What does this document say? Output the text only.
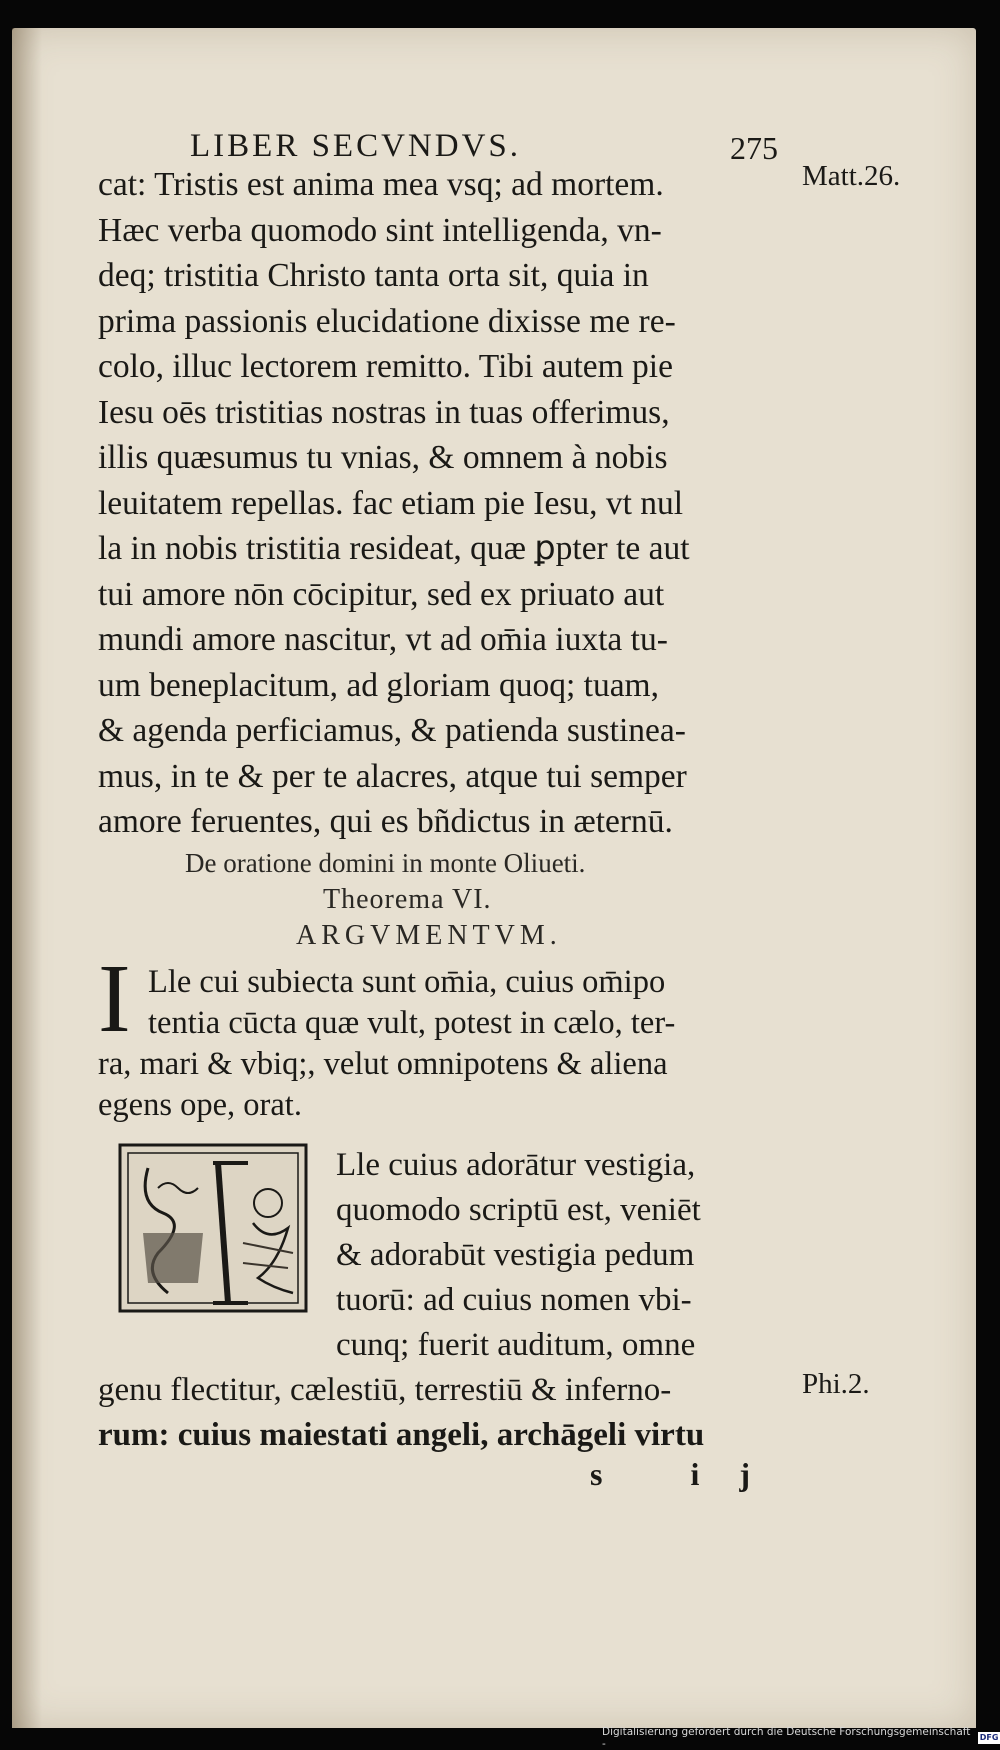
LIBER SECVNDVS.	275
Matt.26.
Phi.2.
cat: Tristis est anima mea vsq; ad mortem.
Hæc verba quomodo sint intelligenda, vn-
deq; tristitia Christo tanta orta sit, quia in
prima passionis elucidatione dixisse me re-
colo, illuc lectorem remitto. Tibi autem pie
Iesu oēs tristitias nostras in tuas offerimus,
illis quæsumus tu vnias, & omnem à nobis
leuitatem repellas. fac etiam pie Iesu, vt nul
la in nobis tristitia resideat, quæ ꝑpter te aut
tui amore nōn cōcipitur, sed ex priuato aut
mundi amore nascitur, vt ad om̄ia iuxta tu-
um beneplacitum, ad gloriam quoq; tuam,
& agenda perficiamus, & patienda sustinea-
mus, in te & per te alacres, atque tui semper
amore feruentes, qui es bñdictus in æternū.
De oratione domini in monte Oliueti.
Theorema VI.
ARGVMENTVM.
I Lle cui subiecta sunt om̄ia, cuius om̄ipo
tentia cūcta quæ vult, potest in cælo, ter-
ra, mari & vbiq;, velut omnipotens & aliena
egens ope, orat.
Lle cuius adorātur vestigia,
quomodo scriptū est, veniēt
& adorabūt vestigia pedum
tuorū: ad cuius nomen vbi-
cunq; fuerit auditum, omne
genu flectitur, cælestiū, terrestiū & inferno-
rum: cuius maiestati angeli, archāgeli virtu
s ij
Digitalisierung gefördert durch die Deutsche Forschungsgemeinschaft -
DFG
